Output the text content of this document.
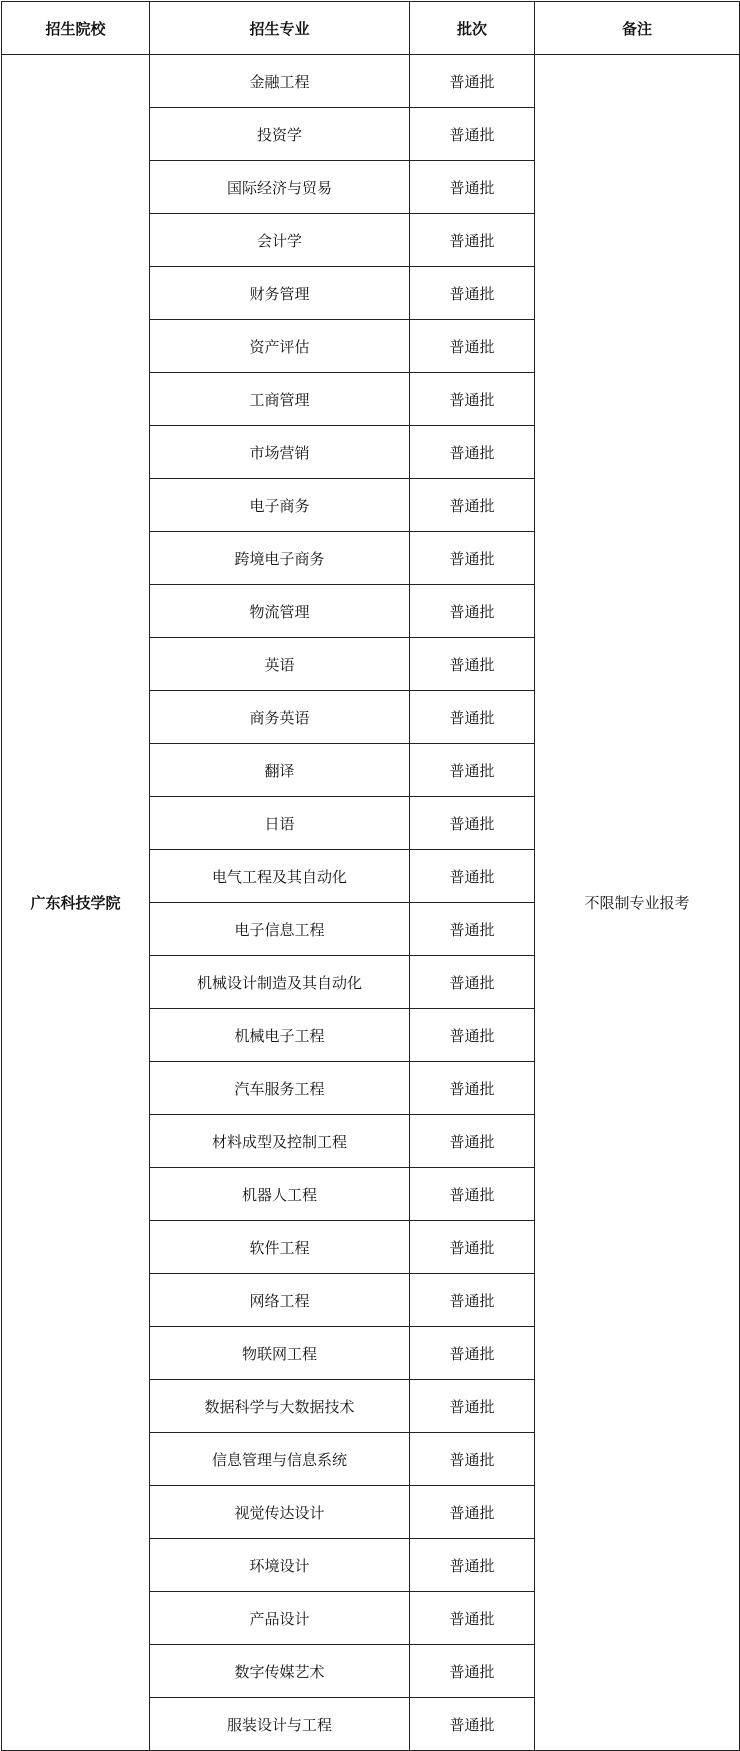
招生院校	招生专业	批次	备注
广东科技学院	金融工程	普通批	不限制专业报考
	投资学	普通批	
	国际经济与贸易	普通批	
	会计学	普通批	
	财务管理	普通批	
	资产评估	普通批	
	工商管理	普通批	
	市场营销	普通批	
	电子商务	普通批	
	跨境电子商务	普通批	
	物流管理	普通批	
	英语	普通批	
	商务英语	普通批	
	翻译	普通批	
	日语	普通批	
	电气工程及其自动化	普通批	
	电子信息工程	普通批	
	机械设计制造及其自动化	普通批	
	机械电子工程	普通批	
	汽车服务工程	普通批	
	材料成型及控制工程	普通批	
	机器人工程	普通批	
	软件工程	普通批	
	网络工程	普通批	
	物联网工程	普通批	
	数据科学与大数据技术	普通批	
	信息管理与信息系统	普通批	
	视觉传达设计	普通批	
	环境设计	普通批	
	产品设计	普通批	
	数字传媒艺术	普通批	
	服装设计与工程	普通批	
